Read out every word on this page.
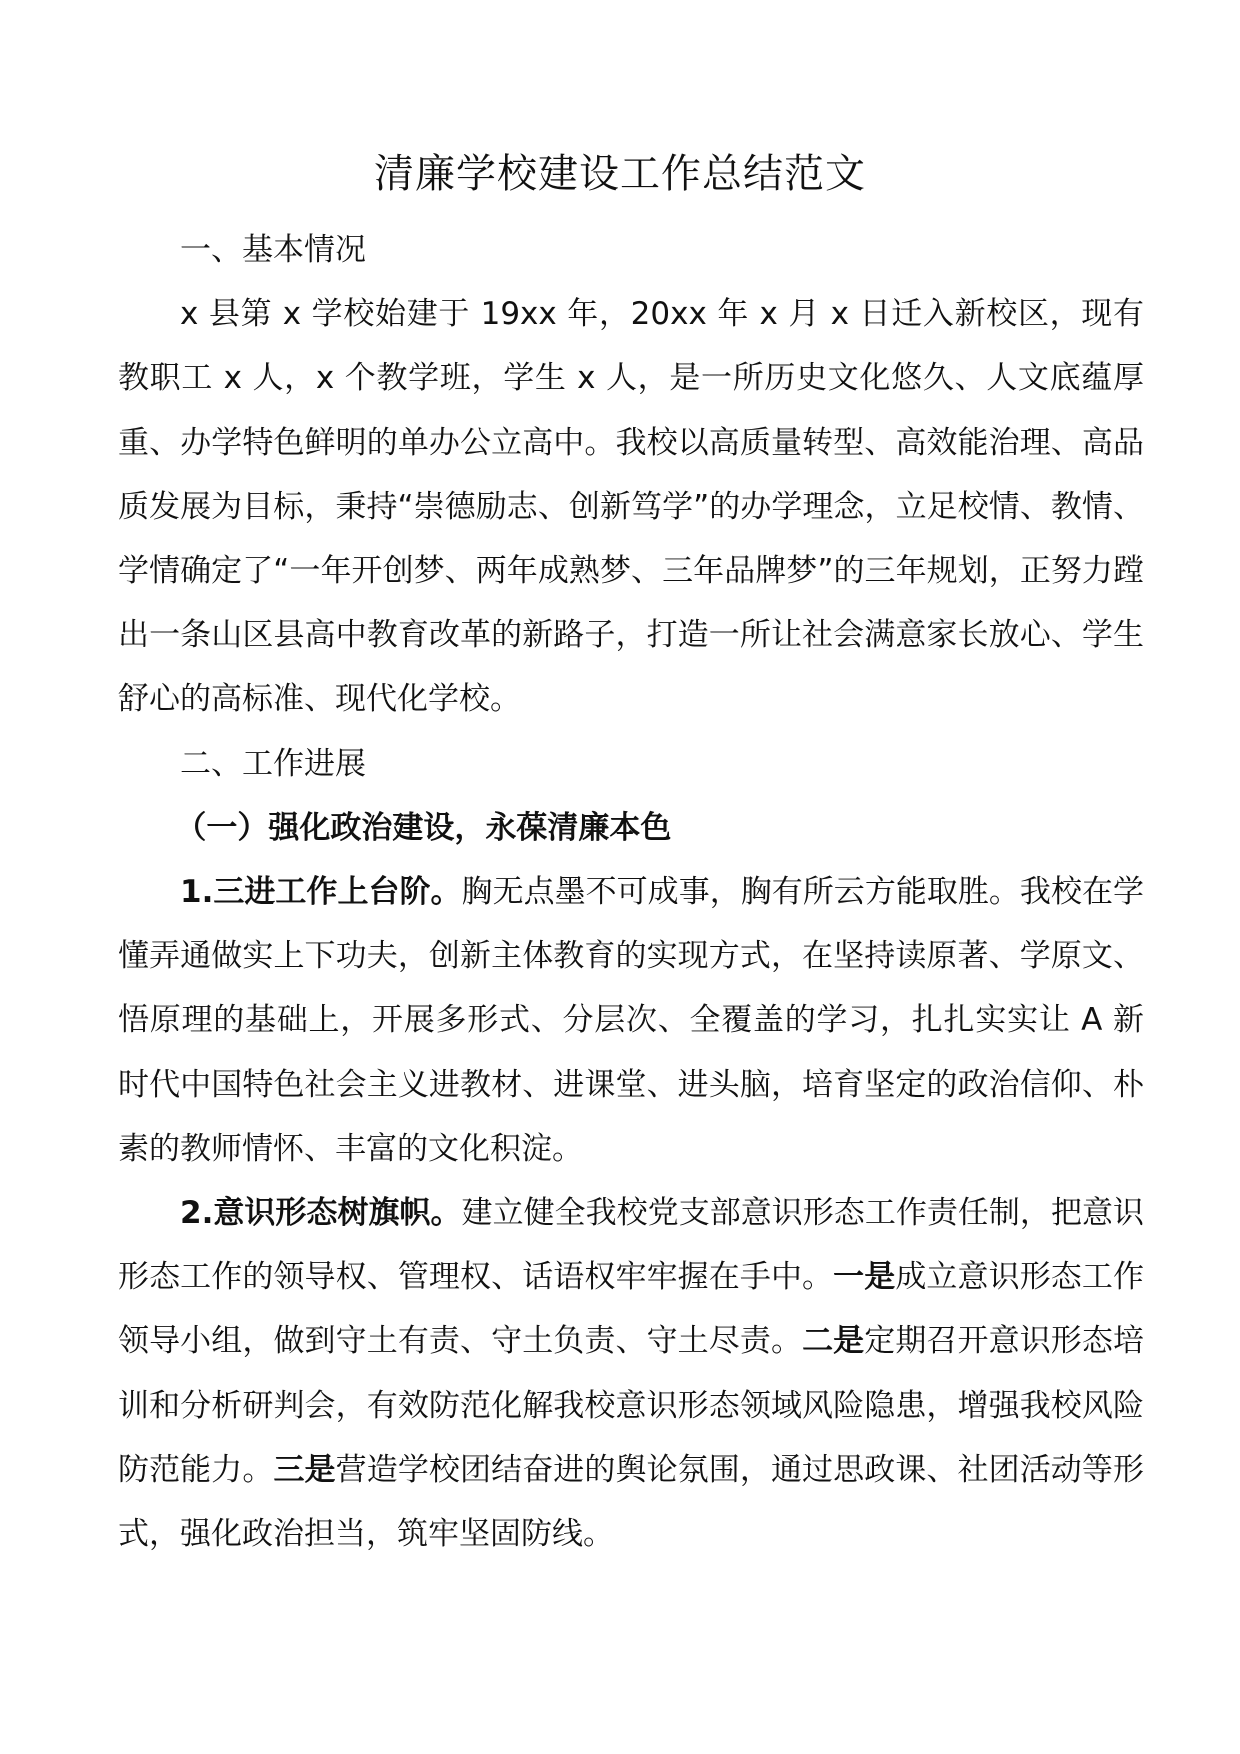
清廉学校建设工作总结范文

一、基本情况

x 县第 x 学校始建于 19xx 年，20xx 年 x 月 x 日迁入新校区，现有教职工 x 人，x 个教学班，学生 x 人，是一所历史文化悠久、人文底蕴厚重、办学特色鲜明的单办公立高中。我校以高质量转型、高效能治理、高品质发展为目标，秉持“崇德励志、创新笃学”的办学理念，立足校情、教情、学情确定了“一年开创梦、两年成熟梦、三年品牌梦”的三年规划，正努力蹚出一条山区县高中教育改革的新路子，打造一所让社会满意家长放心、学生舒心的高标准、现代化学校。

二、工作进展

（一）强化政治建设，永葆清廉本色

1.三进工作上台阶。胸无点墨不可成事，胸有所云方能取胜。我校在学懂弄通做实上下功夫，创新主体教育的实现方式，在坚持读原著、学原文、悟原理的基础上，开展多形式、分层次、全覆盖的学习，扎扎实实让 A 新时代中国特色社会主义进教材、进课堂、进头脑，培育坚定的政治信仰、朴素的教师情怀、丰富的文化积淀。

2.意识形态树旗帜。建立健全我校党支部意识形态工作责任制，把意识形态工作的领导权、管理权、话语权牢牢握在手中。一是成立意识形态工作领导小组，做到守土有责、守土负责、守土尽责。二是定期召开意识形态培训和分析研判会，有效防范化解我校意识形态领域风险隐患，增强我校风险防范能力。三是营造学校团结奋进的舆论氛围，通过思政课、社团活动等形式，强化政治担当，筑牢坚固防线。
